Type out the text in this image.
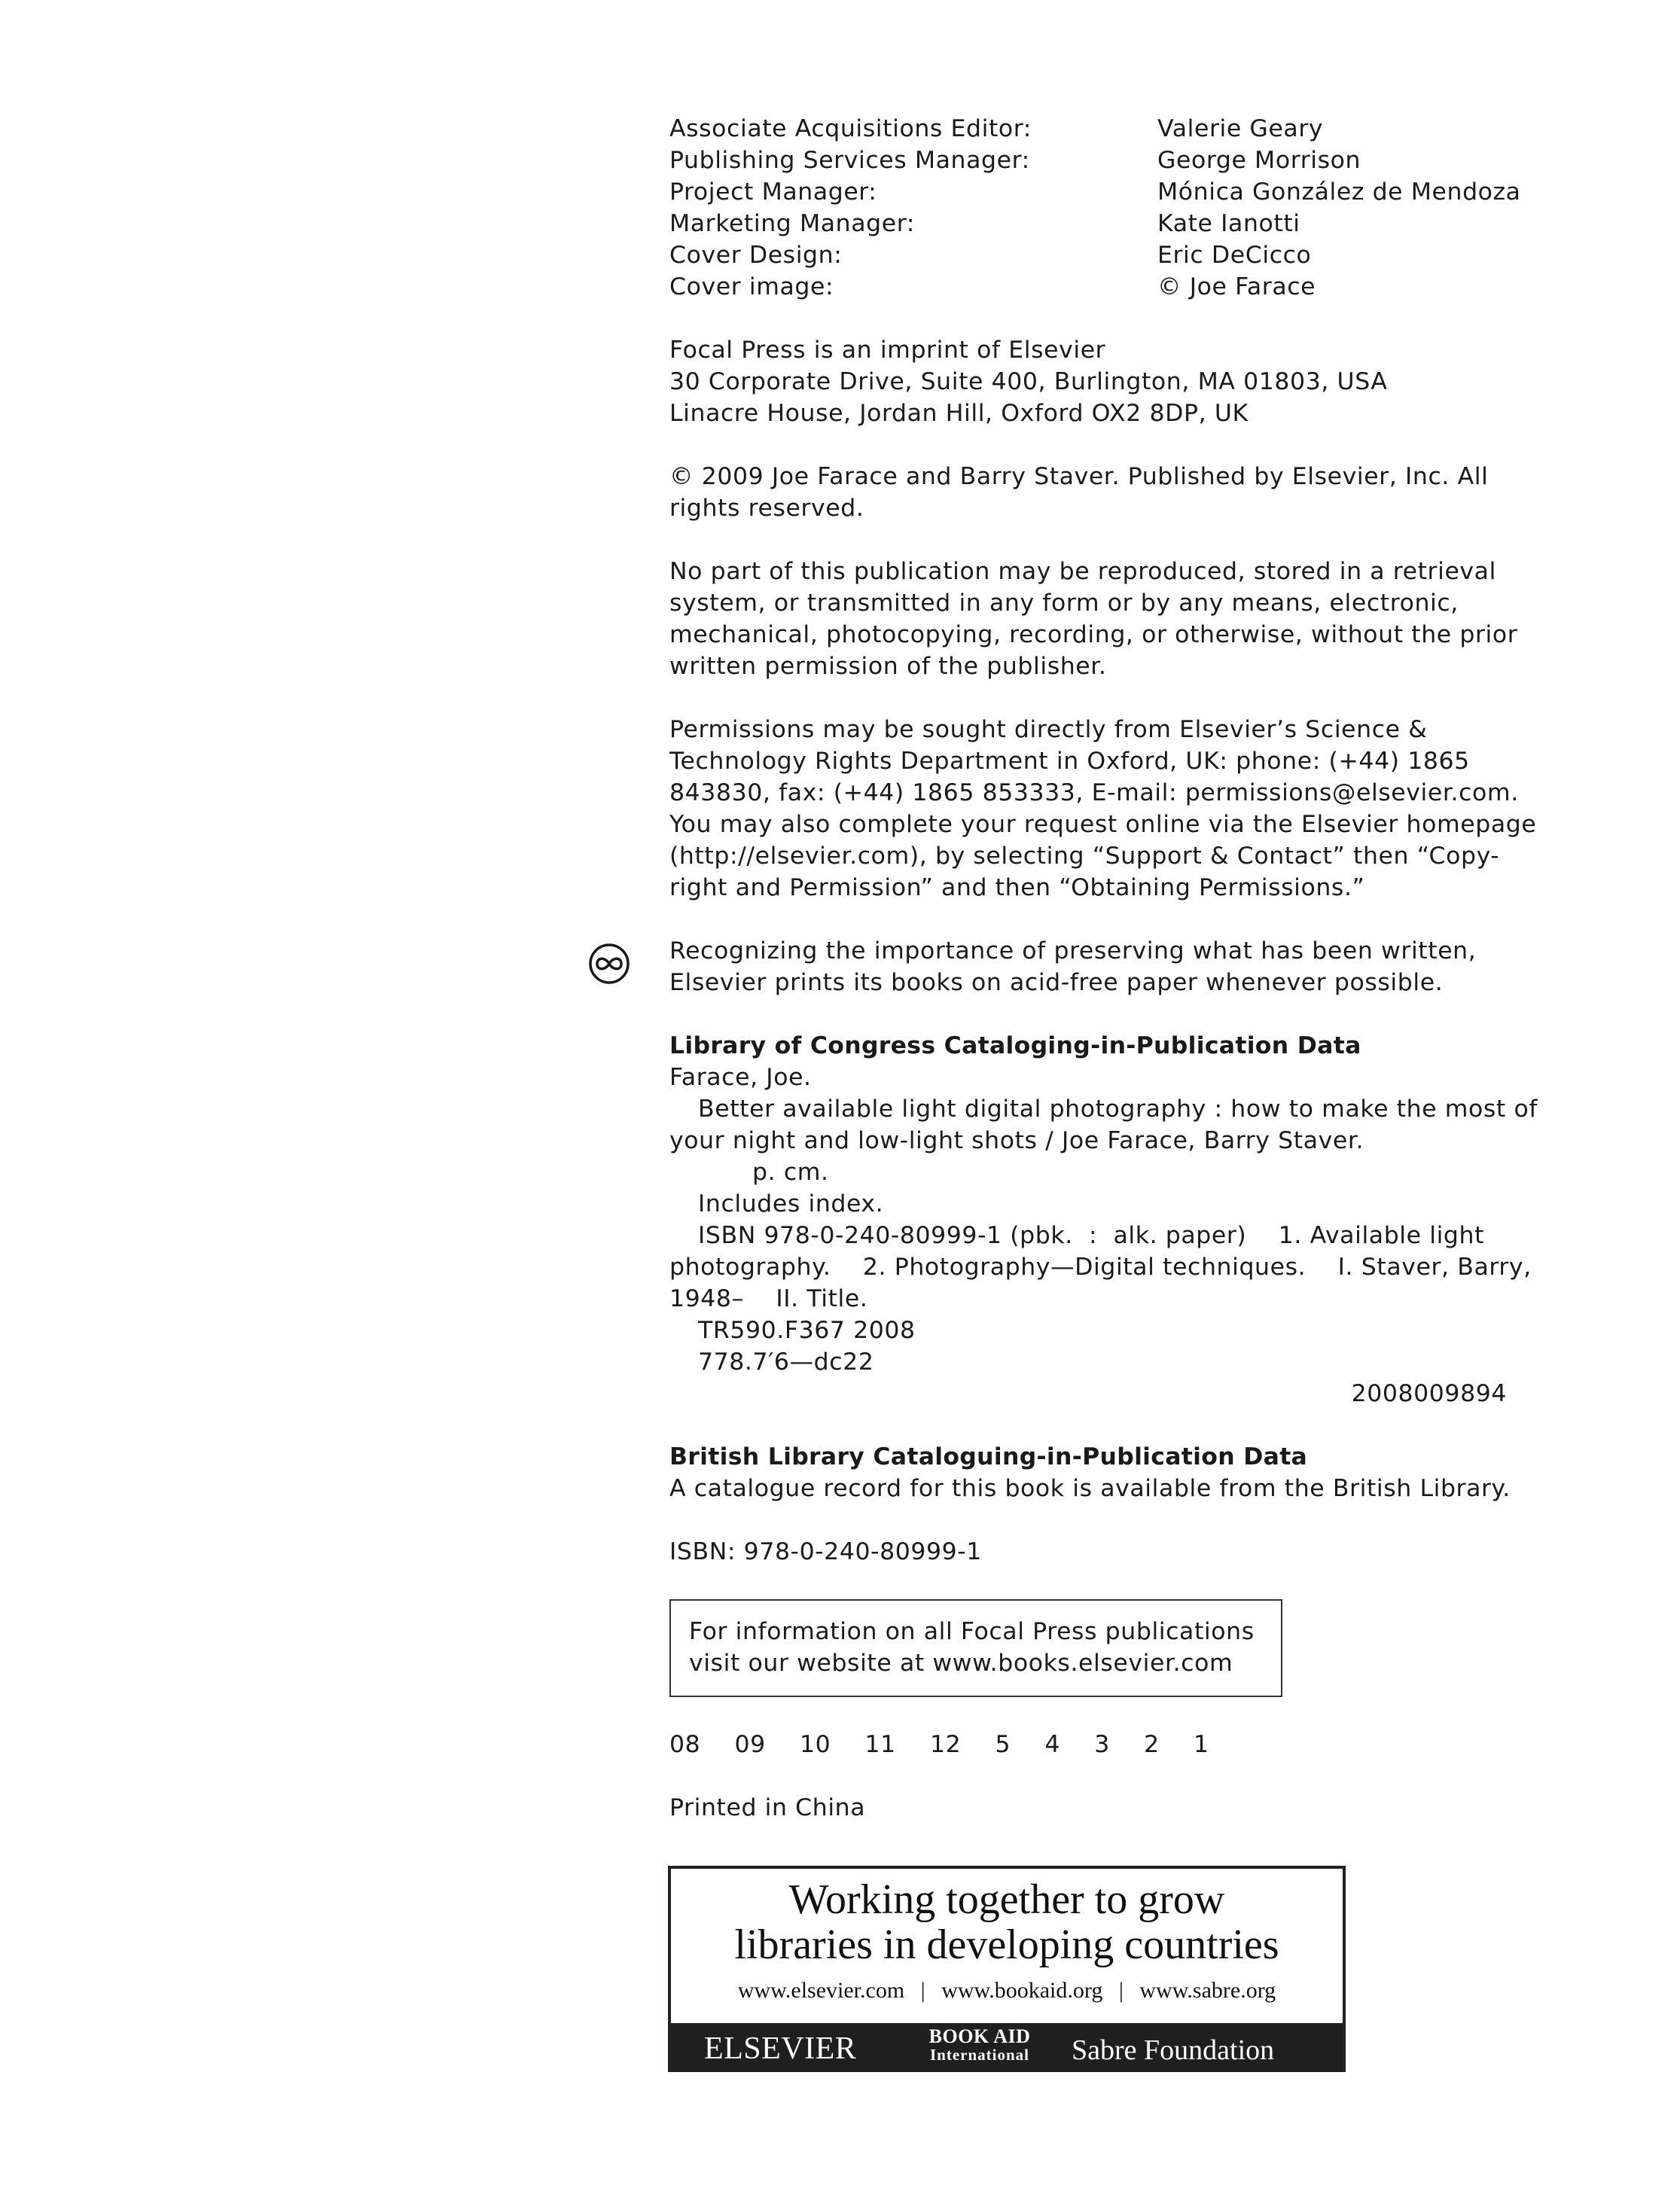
Associate Acquisitions Editor:	Valerie Geary
Publishing Services Manager:	George Morrison
Project Manager:	Mónica González de Mendoza
Marketing Manager:	Kate Ianotti
Cover Design:	Eric DeCicco
Cover image:	© Joe Farace
Focal Press is an imprint of Elsevier
30 Corporate Drive, Suite 400, Burlington, MA 01803, USA
Linacre House, Jordan Hill, Oxford OX2 8DP, UK
© 2009 Joe Farace and Barry Staver. Published by Elsevier, Inc. All
rights reserved.
No part of this publication may be reproduced, stored in a retrieval
system, or transmitted in any form or by any means, electronic,
mechanical, photocopying, recording, or otherwise, without the prior
written permission of the publisher.
Permissions may be sought directly from Elsevier’s Science &
Technology Rights Department in Oxford, UK: phone: (+44) 1865
843830, fax: (+44) 1865 853333, E-mail: permissions@elsevier.com.
You may also complete your request online via the Elsevier homepage
(http://elsevier.com), by selecting “Support & Contact” then “Copy-
right and Permission” and then “Obtaining Permissions.”
Recognizing the importance of preserving what has been written,
Elsevier prints its books on acid-free paper whenever possible.
Library of Congress Cataloging-in-Publication Data
Farace, Joe.
Better available light digital photography : how to make the most of
your night and low-light shots / Joe Farace, Barry Staver.
p. cm.
Includes index.
ISBN 978-0-240-80999-1 (pbk.  :  alk. paper)    1. Available light
photography.    2. Photography—Digital techniques.    I. Staver, Barry,
1948–    II. Title.
TR590.F367 2008
778.7′6—dc22
2008009894
British Library Cataloguing-in-Publication Data
A catalogue record for this book is available from the British Library.
ISBN: 978-0-240-80999-1
For information on all Focal Press publications
visit our website at www.books.elsevier.com
08  09  10  11  12  5  4  3  2  1
Printed in China
Working together to grow
libraries in developing countries
www.elsevier.com | www.bookaid.org | www.sabre.org
ELSEVIER	BOOK AID
International	Sabre Foundation
